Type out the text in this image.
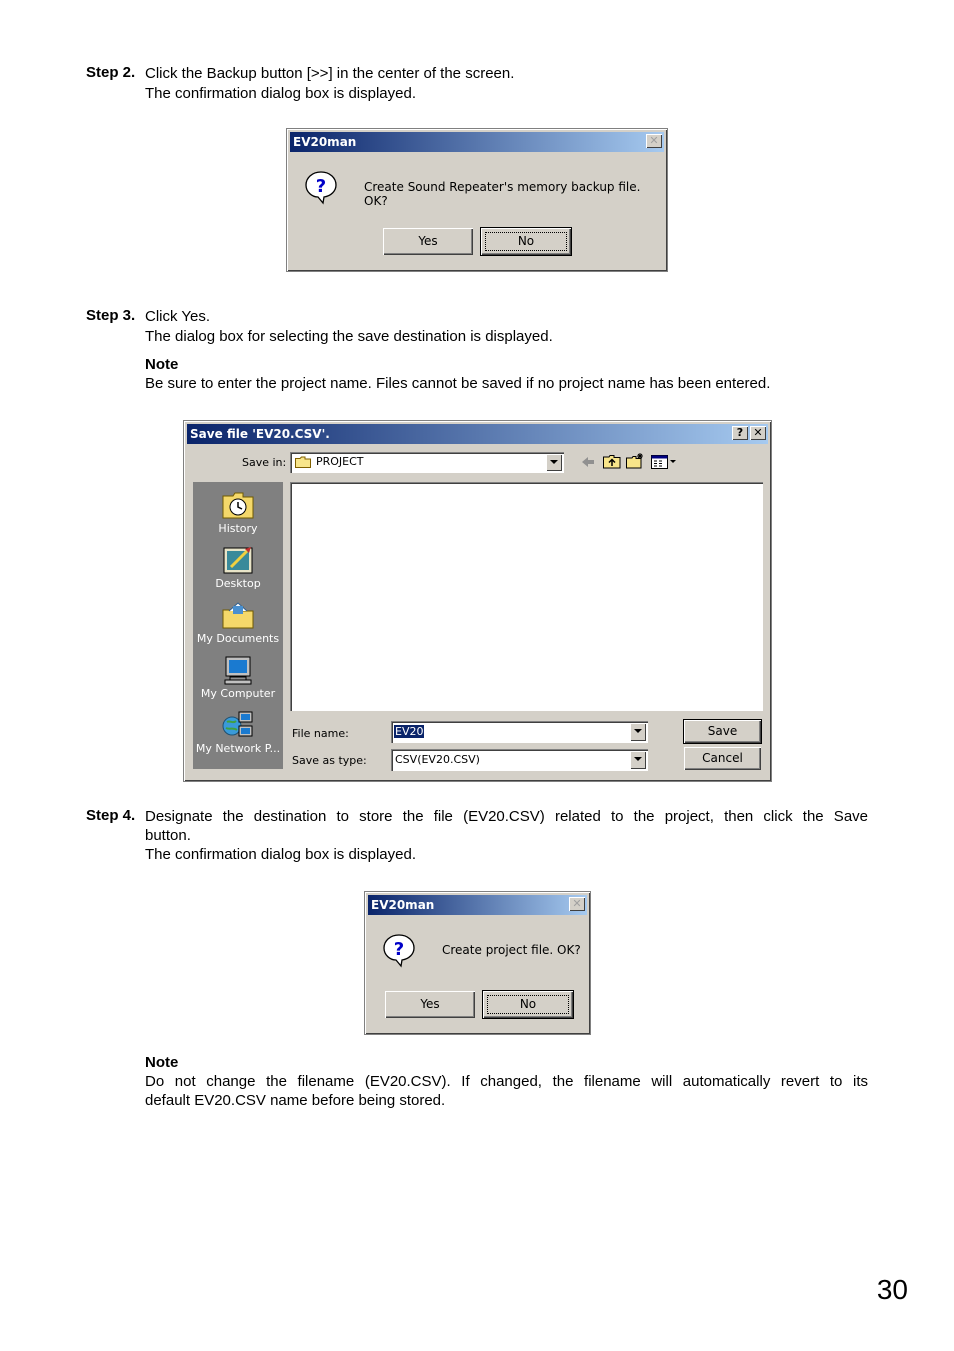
Step 2. Click the Backup button [>>] in the center of the screen.
The confirmation dialog box is displayed.
EV20man	✕
?	Create Sound Repeater's memory backup file. OK?
Yes	No
Step 3. Click Yes.
The dialog box for selecting the save destination is displayed.
Note
Be sure to enter the project name. Files cannot be saved if no project name has been entered.
Save file 'EV20.CSV'.	? ✕
Save in:	PROJECT
History
Desktop
My Documents
My Computer
My Network P...
File name:	EV20
Save as type:	CSV(EV20.CSV)
Save
Cancel
Step 4. Designate the destination to store the file (EV20.CSV) related to the project, then click the Save
button.
The confirmation dialog box is displayed.
EV20man	✕
?	Create project file. OK?
Yes	No
Note
Do not change the filename (EV20.CSV). If changed, the filename will automatically revert to its
default EV20.CSV name before being stored.
30
